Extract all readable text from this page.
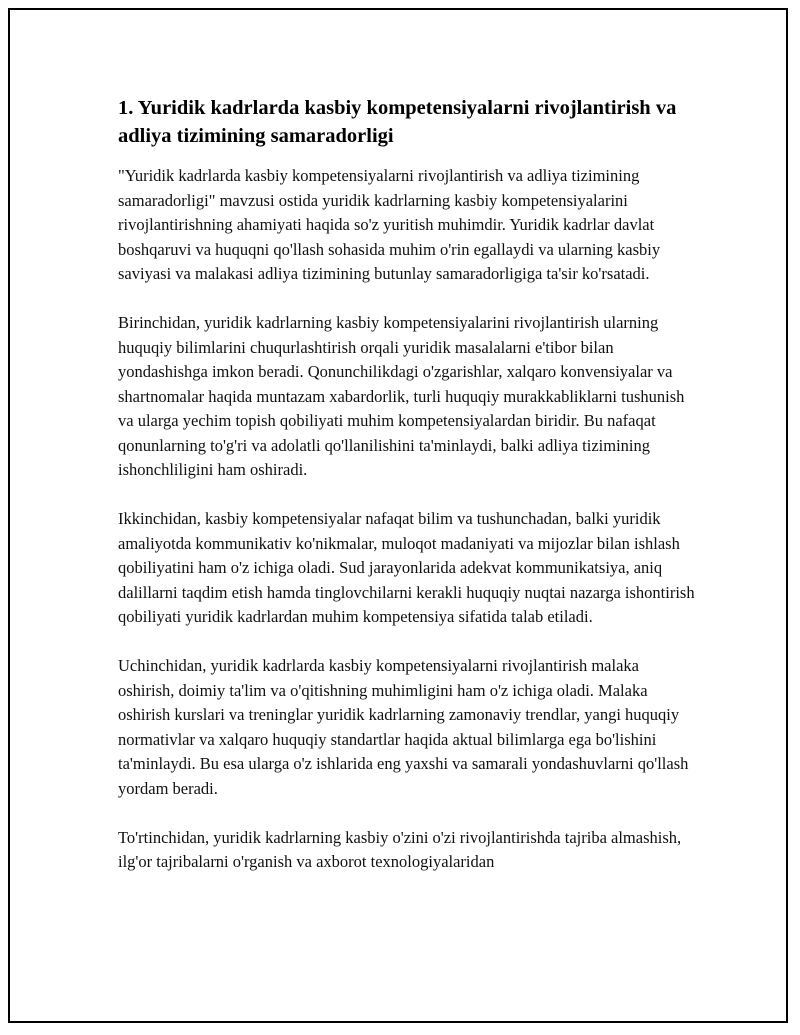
1. Yuridik kadrlarda kasbiy kompetensiyalarni rivojlantirish va adliya tizimining samaradorligi

"Yuridik kadrlarda kasbiy kompetensiyalarni rivojlantirish va adliya tizimining samaradorligi" mavzusi ostida yuridik kadrlarning kasbiy kompetensiyalarini rivojlantirishning ahamiyati haqida so'z yuritish muhimdir. Yuridik kadrlar davlat boshqaruvi va huquqni qo'llash sohasida muhim o'rin egallaydi va ularning kasbiy saviyasi va malakasi adliya tizimining butunlay samaradorligiga ta'sir ko'rsatadi.

Birinchidan, yuridik kadrlarning kasbiy kompetensiyalarini rivojlantirish ularning huquqiy bilimlarini chuqurlashtirish orqali yuridik masalalarni e'tibor bilan yondashishga imkon beradi. Qonunchilikdagi o'zgarishlar, xalqaro konvensiyalar va shartnomalar haqida muntazam xabardorlik, turli huquqiy murakkabliklarni tushunish va ularga yechim topish qobiliyati muhim kompetensiyalardan biridir. Bu nafaqat qonunlarning to'g'ri va adolatli qo'llanilishini ta'minlaydi, balki adliya tizimining ishonchliligini ham oshiradi.

Ikkinchidan, kasbiy kompetensiyalar nafaqat bilim va tushunchadan, balki yuridik amaliyotda kommunikativ ko'nikmalar, muloqot madaniyati va mijozlar bilan ishlash qobiliyatini ham o'z ichiga oladi. Sud jarayonlarida adekvat kommunikatsiya, aniq dalillarni taqdim etish hamda tinglovchilarni kerakli huquqiy nuqtai nazarga ishontirish qobiliyati yuridik kadrlardan muhim kompetensiya sifatida talab etiladi.

Uchinchidan, yuridik kadrlarda kasbiy kompetensiyalarni rivojlantirish malaka oshirish, doimiy ta'lim va o'qitishning muhimligini ham o'z ichiga oladi. Malaka oshirish kurslari va treninglar yuridik kadrlarning zamonaviy trendlar, yangi huquqiy normativlar va xalqaro huquqiy standartlar haqida aktual bilimlarga ega bo'lishini ta'minlaydi. Bu esa ularga o'z ishlarida eng yaxshi va samarali yondashuvlarni qo'llash yordam beradi.

To'rtinchidan, yuridik kadrlarning kasbiy o'zini o'zi rivojlantirishda tajriba almashish, ilg'or tajribalarni o'rganish va axborot texnologiyalaridan
